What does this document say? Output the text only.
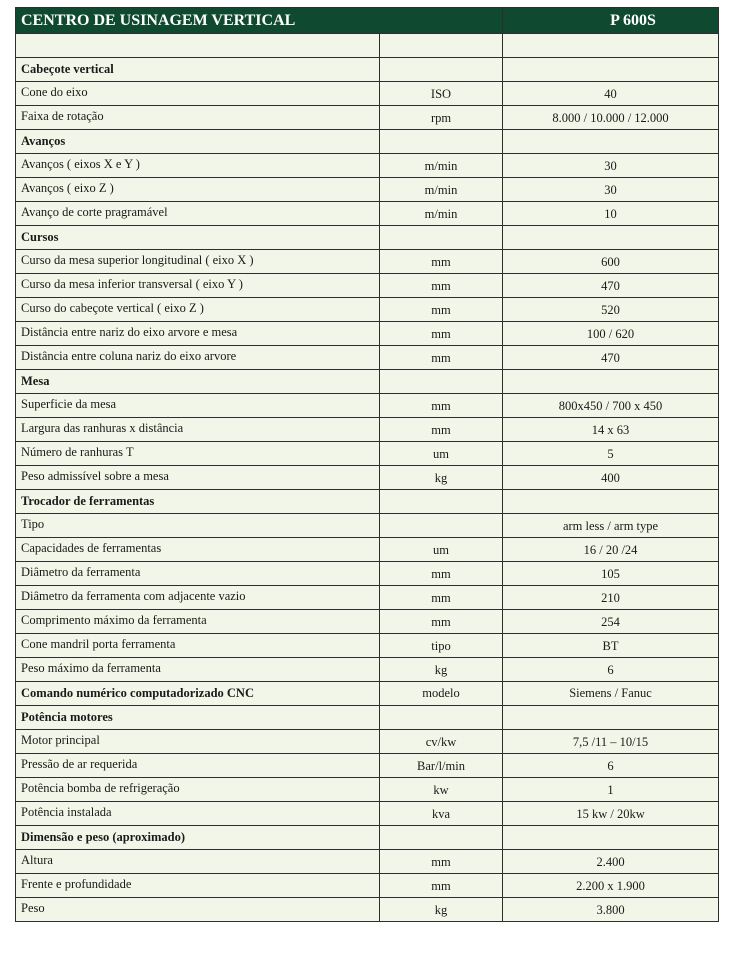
CENTRO DE USINAGEM VERTICAL		P 600S

Cabeçote vertical		
Cone do eixo	ISO	40
Faixa de rotação	rpm	8.000 / 10.000 / 12.000
Avanços		
Avanços ( eixos X e Y )	m/min	30
Avanços ( eixo Z )	m/min	30
Avanço de corte pragramável	m/min	10
Cursos		
Curso da mesa superior longitudinal ( eixo X )	mm	600
Curso da mesa inferior transversal ( eixo Y )	mm	470
Curso do cabeçote vertical ( eixo Z )	mm	520
Distância entre nariz do eixo arvore e mesa	mm	100 / 620
Distância entre coluna nariz do eixo arvore	mm	470
Mesa		
Superficie da mesa	mm	800x450 / 700 x 450
Largura das ranhuras x distância	mm	14 x 63
Número de ranhuras T	um	5
Peso admissível sobre a mesa	kg	400
Trocador de ferramentas		
Tipo		arm less / arm type
Capacidades de ferramentas	um	16 / 20 /24
Diâmetro da ferramenta	mm	105
Diâmetro da ferramenta com adjacente vazio	mm	210
Comprimento máximo da ferramenta	mm	254
Cone mandril porta ferramenta	tipo	BT
Peso máximo da ferramenta	kg	6
Comando numérico computadorizado CNC	modelo	Siemens / Fanuc
Potência motores		
Motor principal	cv/kw	7,5 /11 – 10/15
Pressão de ar requerida	Bar/l/min	6
Potência bomba de refrigeração	kw	1
Potência instalada	kva	15 kw / 20kw
Dimensão e peso (aproximado)		
Altura	mm	2.400
Frente e profundidade	mm	2.200 x 1.900
Peso	kg	3.800
